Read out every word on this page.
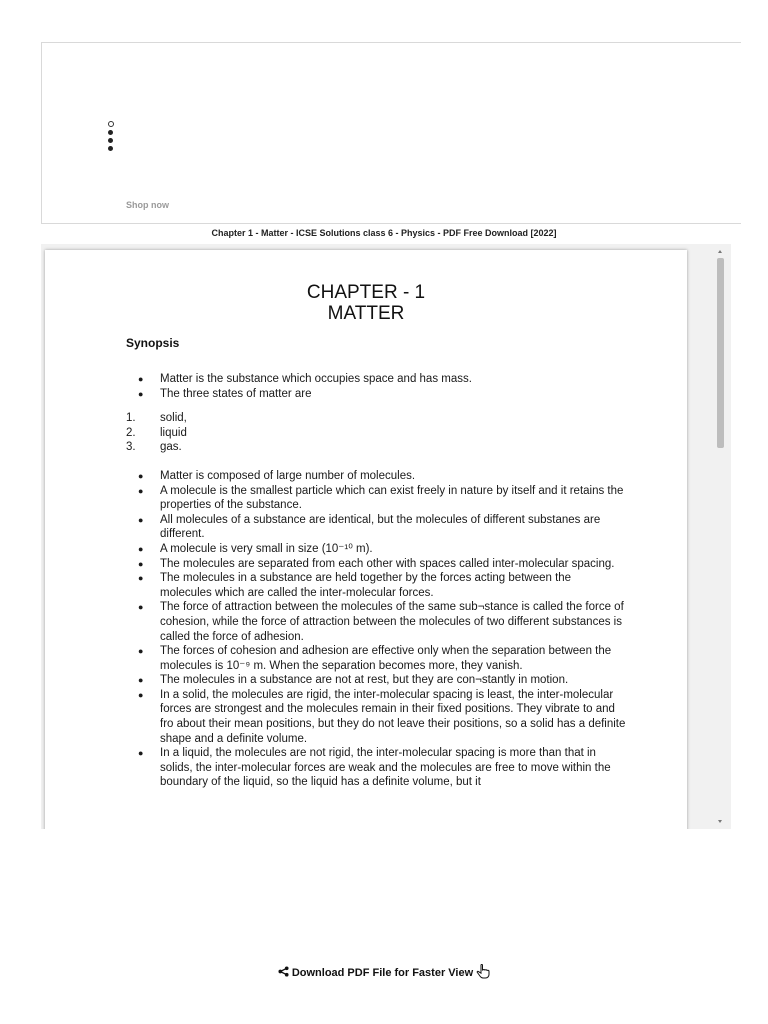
Shop now
Chapter 1 - Matter - ICSE Solutions class 6 - Physics - PDF Free Download [2022]
CHAPTER - 1
MATTER
Synopsis
● Matter is the substance which occupies space and has mass.
● The three states of matter are
1. solid,
2. liquid
3. gas.
● Matter is composed of large number of molecules.
● A molecule is the smallest particle which can exist freely in nature by itself and it retains the properties of the substance.
● All molecules of a substance are identical, but the molecules of different substanes are different.
● A molecule is very small in size (10⁻¹⁰ m).
● The molecules are separated from each other with spaces called inter-molecular spacing.
● The molecules in a substance are held together by the forces acting between the molecules which are called the inter-molecular forces.
● The force of attraction between the molecules of the same sub¬stance is called the force of cohesion, while the force of attraction between the molecules of two different substances is called the force of adhesion.
● The forces of cohesion and adhesion are effective only when the separation between the molecules is 10⁻⁹ m. When the separation becomes more, they vanish.
● The molecules in a substance are not at rest, but they are con¬stantly in motion.
● In a solid, the molecules are rigid, the inter-molecular spacing is least, the inter-molecular forces are strongest and the molecules remain in their fixed positions. They vibrate to and fro about their mean positions, but they do not leave their positions, so a solid has a definite shape and a definite volume.
● In a liquid, the molecules are not rigid, the inter-molecular spacing is more than that in solids, the inter-molecular forces are weak and the molecules are free to move within the boundary of the liquid, so the liquid has a definite volume, but it
Download PDF File for Faster View
